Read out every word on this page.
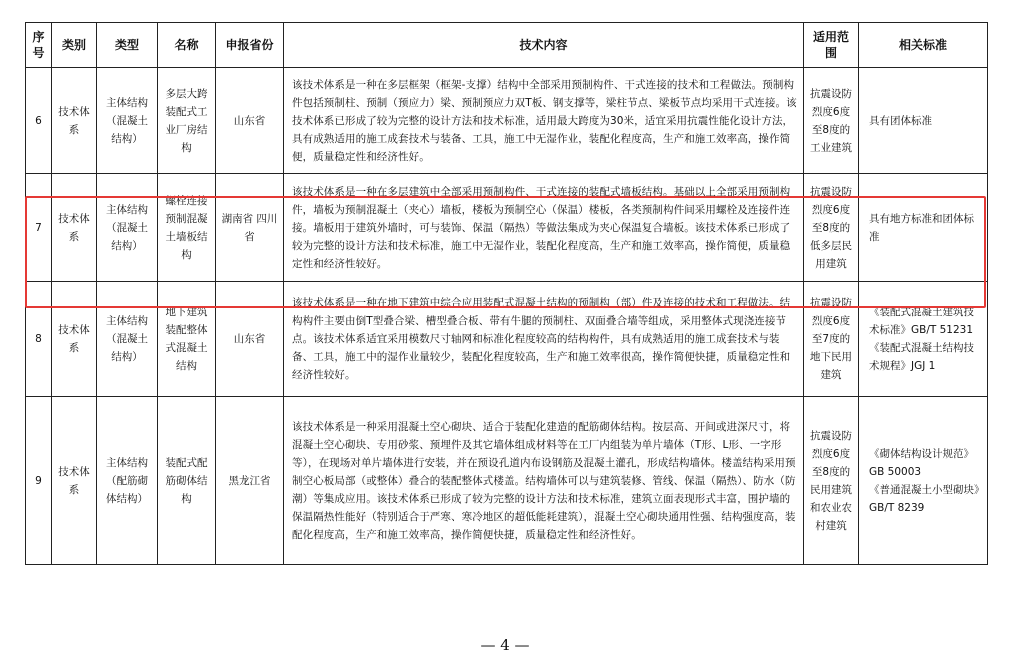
序号	类别	类型	名称	申报省份	技术内容	适用范围	相关标准
6	技术体系	主体结构（混凝土结构）	多层大跨装配式工业厂房结构	山东省	该技术体系是一种在多层框架（框架-支撑）结构中全部采用预制构件、干式连接的技术和工程做法。预制构件包括预制柱、预制（预应力）梁、预制预应力双T板、钢支撑等，梁柱节点、梁板节点均采用干式连接。该技术体系已形成了较为完整的设计方法和技术标准，适用最大跨度为30米，适宜采用抗震性能化设计方法，具有成熟适用的施工成套技术与装备、工具，施工中无湿作业，装配化程度高，生产和施工效率高，操作简便，质量稳定性和经济性好。	抗震设防烈度6度至8度的工业建筑	具有团体标准
7	技术体系	主体结构（混凝土结构）	螺栓连接预制混凝土墙板结构	湖南省 四川省	该技术体系是一种在多层建筑中全部采用预制构件、干式连接的装配式墙板结构。基础以上全部采用预制构件，墙板为预制混凝土（夹心）墙板，楼板为预制空心（保温）楼板，各类预制构件间采用螺栓及连接件连接。墙板用于建筑外墙时，可与装饰、保温（隔热）等做法集成为夹心保温复合墙板。该技术体系已形成了较为完整的设计方法和技术标准，施工中无湿作业，装配化程度高，生产和施工效率高，操作简便，质量稳定性和经济性较好。	抗震设防烈度6度至8度的低多层民用建筑	具有地方标准和团体标准
8	技术体系	主体结构（混凝土结构）	地下建筑装配整体式混凝土结构	山东省	该技术体系是一种在地下建筑中综合应用装配式混凝土结构的预制构（部）件及连接的技术和工程做法。结构构件主要由倒T型叠合梁、槽型叠合板、带有牛腿的预制柱、双面叠合墙等组成，采用整体式现浇连接节点。该技术体系适宜采用模数尺寸轴网和标准化程度较高的结构构件，具有成熟适用的施工成套技术与装备、工具，施工中的湿作业量较少，装配化程度较高，生产和施工效率很高，操作简便快捷，质量稳定性和经济性较好。	抗震设防烈度6度至7度的地下民用建筑	《装配式混凝土建筑技术标准》GB/T 51231
《装配式混凝土结构技术规程》JGJ 1
9	技术体系	主体结构（配筋砌体结构）	装配式配筋砌体结构	黑龙江省	该技术体系是一种采用混凝土空心砌块、适合于装配化建造的配筋砌体结构。按层高、开间或进深尺寸，将混凝土空心砌块、专用砂浆、预埋件及其它墙体组成材料等在工厂内组装为单片墙体（T形、L形、一字形等），在现场对单片墙体进行安装，并在预设孔道内布设钢筋及混凝土灌孔，形成结构墙体。楼盖结构采用预制空心板局部（或整体）叠合的装配整体式楼盖。结构墙体可以与建筑装修、管线、保温（隔热）、防水（防潮）等集成应用。该技术体系已形成了较为完整的设计方法和技术标准，建筑立面表现形式丰富，围护墙的保温隔热性能好（特别适合于严寒、寒冷地区的超低能耗建筑），混凝土空心砌块通用性强、结构强度高，装配化程度高，生产和施工效率高，操作简便快捷，质量稳定性和经济性好。	抗震设防烈度6度至8度的民用建筑和农业农村建筑	《砌体结构设计规范》GB 50003
《普通混凝土小型砌块》GB/T 8239
— 4 —
